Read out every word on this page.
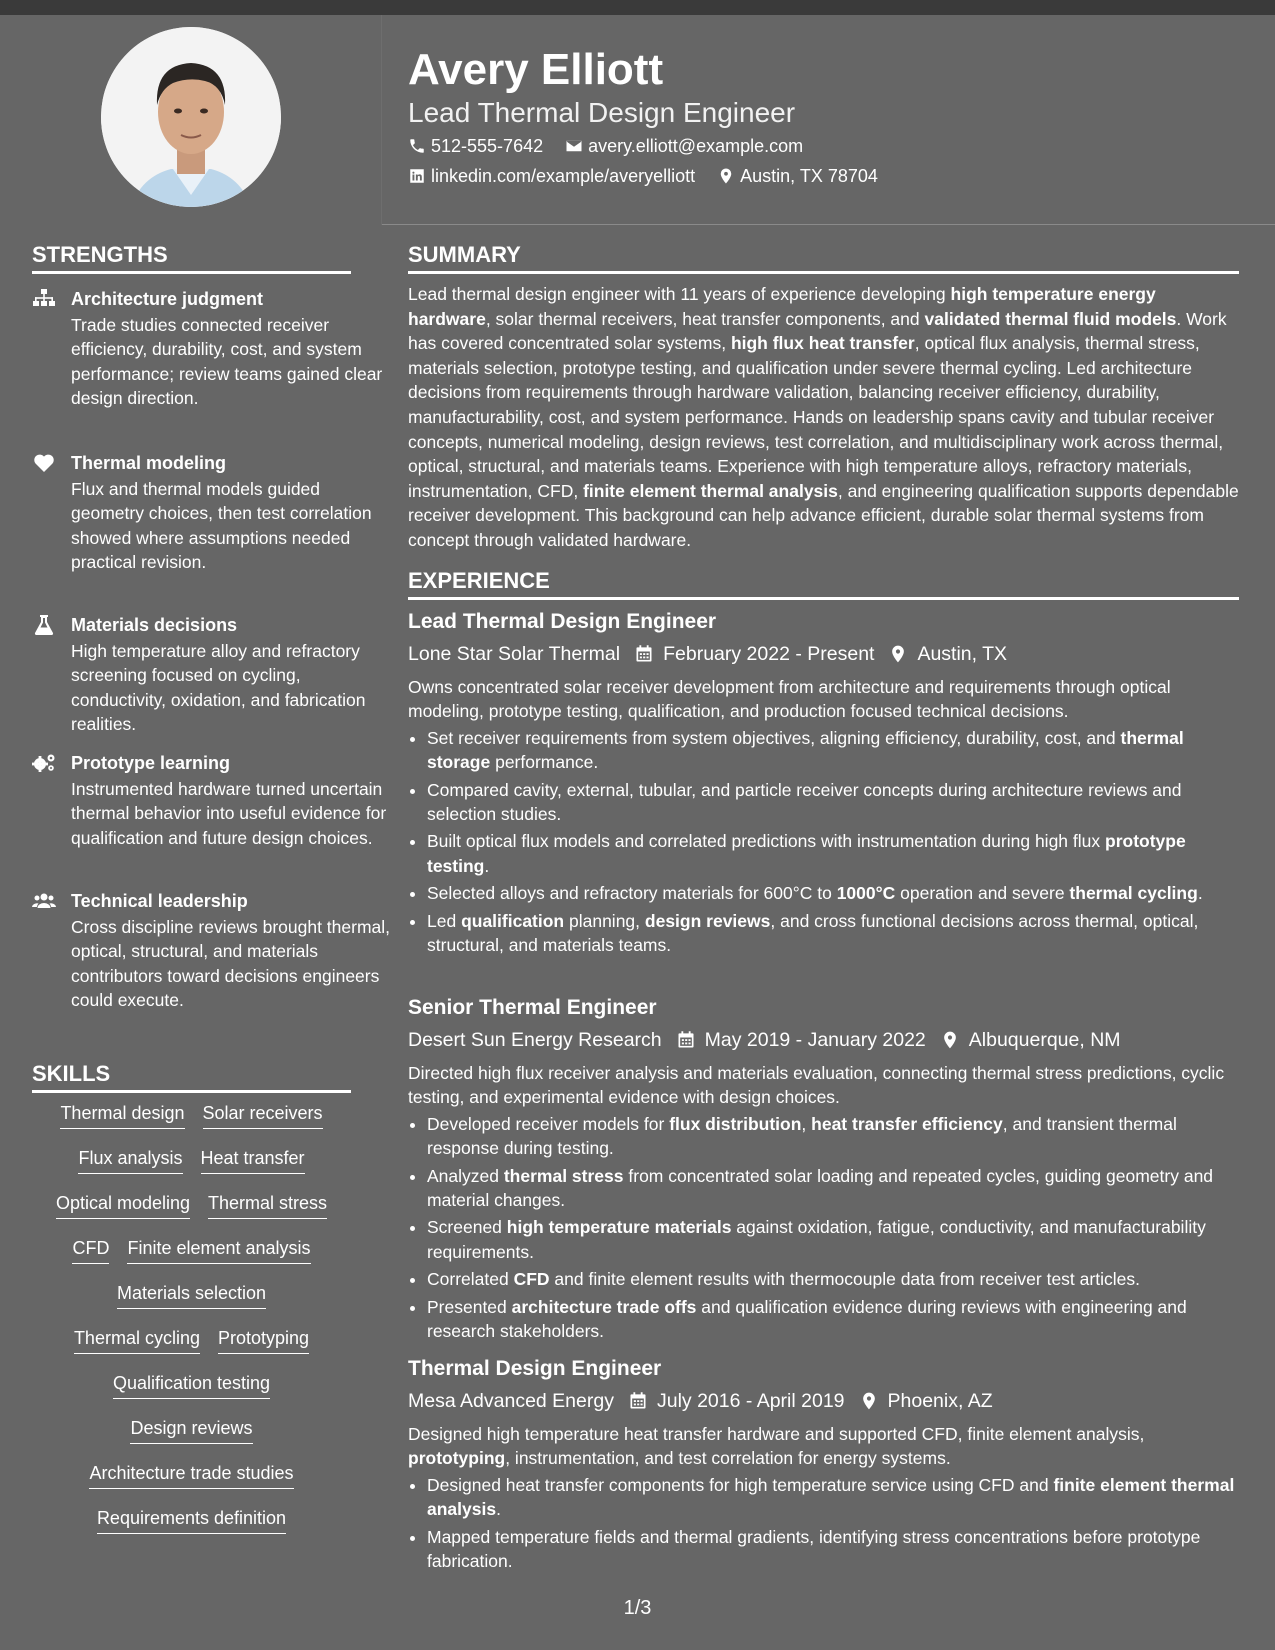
Avery Elliott
Lead Thermal Design Engineer
512-555-7642	avery.elliott@example.com
linkedin.com/example/averyelliott	Austin, TX 78704
STRENGTHS
Architecture judgment
Trade studies connected receiver efficiency, durability, cost, and system performance; review teams gained clear design direction.
Thermal modeling
Flux and thermal models guided geometry choices, then test correlation showed where assumptions needed practical revision.
Materials decisions
High temperature alloy and refractory screening focused on cycling, conductivity, oxidation, and fabrication realities.
Prototype learning
Instrumented hardware turned uncertain thermal behavior into useful evidence for qualification and future design choices.
Technical leadership
Cross discipline reviews brought thermal, optical, structural, and materials contributors toward decisions engineers could execute.
SKILLS
Thermal design Solar receivers
Flux analysis Heat transfer
Optical modeling Thermal stress
CFD Finite element analysis
Materials selection
Thermal cycling Prototyping
Qualification testing
Design reviews
Architecture trade studies
Requirements definition
SUMMARY
Lead thermal design engineer with 11 years of experience developing high temperature energy hardware, solar thermal receivers, heat transfer components, and validated thermal fluid models. Work has covered concentrated solar systems, high flux heat transfer, optical flux analysis, thermal stress, materials selection, prototype testing, and qualification under severe thermal cycling. Led architecture decisions from requirements through hardware validation, balancing receiver efficiency, durability, manufacturability, cost, and system performance. Hands on leadership spans cavity and tubular receiver concepts, numerical modeling, design reviews, test correlation, and multidisciplinary work across thermal, optical, structural, and materials teams. Experience with high temperature alloys, refractory materials, instrumentation, CFD, finite element thermal analysis, and engineering qualification supports dependable receiver development. This background can help advance efficient, durable solar thermal systems from concept through validated hardware.
EXPERIENCE
Lead Thermal Design Engineer
Lone Star Solar Thermal February 2022 - Present Austin, TX
Owns concentrated solar receiver development from architecture and requirements through optical modeling, prototype testing, qualification, and production focused technical decisions.
• Set receiver requirements from system objectives, aligning efficiency, durability, cost, and thermal storage performance.
• Compared cavity, external, tubular, and particle receiver concepts during architecture reviews and selection studies.
• Built optical flux models and correlated predictions with instrumentation during high flux prototype testing.
• Selected alloys and refractory materials for 600°C to 1000°C operation and severe thermal cycling.
• Led qualification planning, design reviews, and cross functional decisions across thermal, optical, structural, and materials teams.
Senior Thermal Engineer
Desert Sun Energy Research May 2019 - January 2022 Albuquerque, NM
Directed high flux receiver analysis and materials evaluation, connecting thermal stress predictions, cyclic testing, and experimental evidence with design choices.
• Developed receiver models for flux distribution, heat transfer efficiency, and transient thermal response during testing.
• Analyzed thermal stress from concentrated solar loading and repeated cycles, guiding geometry and material changes.
• Screened high temperature materials against oxidation, fatigue, conductivity, and manufacturability requirements.
• Correlated CFD and finite element results with thermocouple data from receiver test articles.
• Presented architecture trade offs and qualification evidence during reviews with engineering and research stakeholders.
Thermal Design Engineer
Mesa Advanced Energy July 2016 - April 2019 Phoenix, AZ
Designed high temperature heat transfer hardware and supported CFD, finite element analysis, prototyping, instrumentation, and test correlation for energy systems.
• Designed heat transfer components for high temperature service using CFD and finite element thermal analysis.
• Mapped temperature fields and thermal gradients, identifying stress concentrations before prototype fabrication.
1/3
